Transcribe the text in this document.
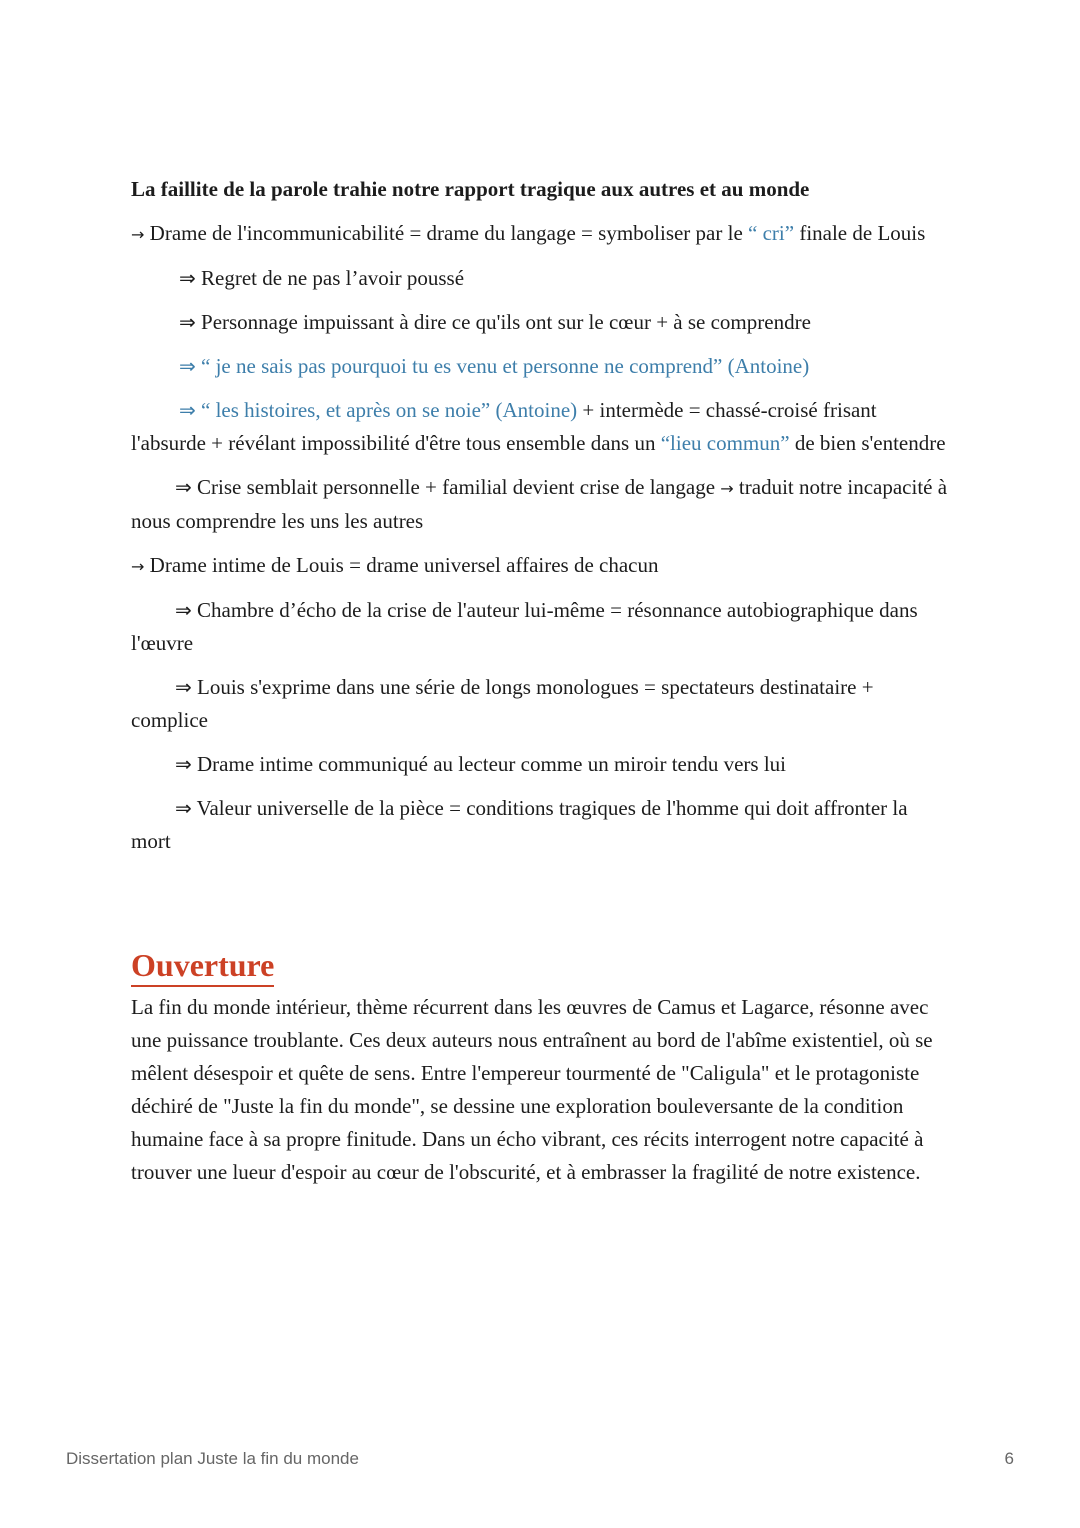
La faillite de la parole trahie notre rapport tragique aux autres et au monde
→ Drame de l'incommunicabilité = drame du langage = symboliser par le “ cri” finale de Louis
⇒ Regret de ne pas l’avoir poussé
⇒ Personnage impuissant à dire ce qu'ils ont sur le cœur + à se comprendre
⇒ “ je ne sais pas pourquoi tu es venu et personne ne comprend” (Antoine)
⇒ “ les histoires, et après on se noie” (Antoine) + intermède = chassé-croisé frisant l'absurde + révélant impossibilité d'être tous ensemble dans un “lieu commun” de bien s'entendre
⇒ Crise semblait personnelle + familial devient crise de langage → traduit notre incapacité à nous comprendre les uns les autres
→ Drame intime de Louis = drame universel affaires de chacun
⇒ Chambre d’écho de la crise de l'auteur lui-même = résonnance autobiographique dans l'œuvre
⇒ Louis s'exprime dans une série de longs monologues = spectateurs destinataire + complice
⇒ Drame intime communiqué au lecteur comme un miroir tendu vers lui
⇒ Valeur universelle de la pièce = conditions tragiques de l'homme qui doit affronter la mort
Ouverture

La fin du monde intérieur, thème récurrent dans les œuvres de Camus et Lagarce, résonne avec une puissance troublante. Ces deux auteurs nous entraînent au bord de l'abîme existentiel, où se mêlent désespoir et quête de sens. Entre l'empereur tourmenté de "Caligula" et le protagoniste déchiré de "Juste la fin du monde", se dessine une exploration bouleversante de la condition humaine face à sa propre finitude. Dans un écho vibrant, ces récits interrogent notre capacité à trouver une lueur d'espoir au cœur de l'obscurité, et à embrasser la fragilité de notre existence.

Dissertation plan Juste la fin du monde	6
